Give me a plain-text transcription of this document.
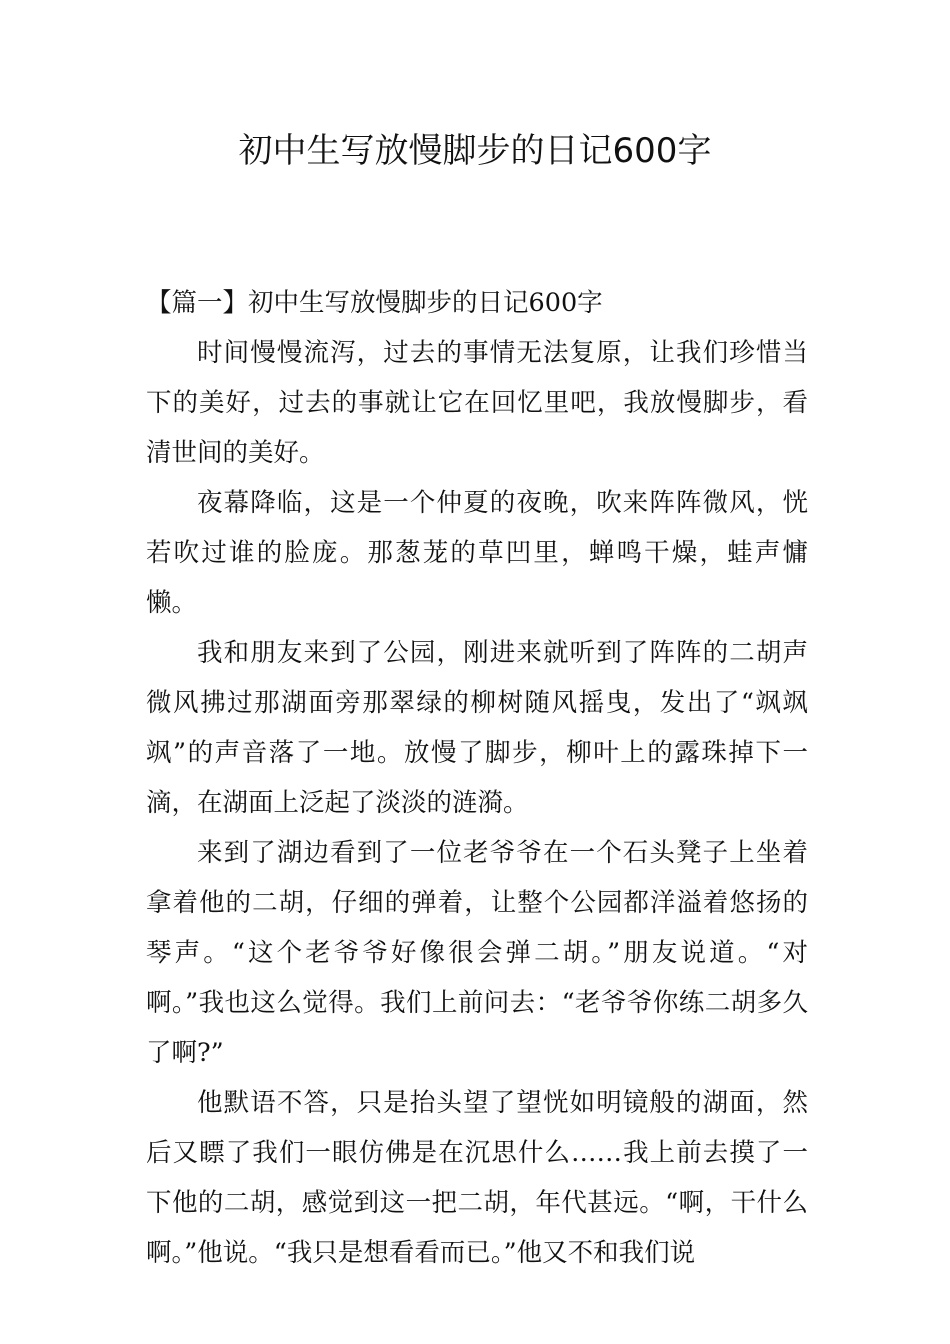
初中生写放慢脚步的日记600字

【篇一】初中生写放慢脚步的日记600字

时间慢慢流泻，过去的事情无法复原，让我们珍惜当下的美好，过去的事就让它在回忆里吧，我放慢脚步，看清世间的美好。

夜幕降临，这是一个仲夏的夜晚，吹来阵阵微风，恍若吹过谁的脸庞。那葱茏的草凹里，蝉鸣干燥，蛙声慵懒。

我和朋友来到了公园，刚进来就听到了阵阵的二胡声微风拂过那湖面旁那翠绿的柳树随风摇曳，发出了“飒飒飒”的声音落了一地。放慢了脚步，柳叶上的露珠掉下一滴，在湖面上泛起了淡淡的涟漪。

来到了湖边看到了一位老爷爷在一个石头凳子上坐着拿着他的二胡，仔细的弹着，让整个公园都洋溢着悠扬的琴声。“这个老爷爷好像很会弹二胡。”朋友说道。“对啊。”我也这么觉得。我们上前问去：“老爷爷你练二胡多久了啊?”

他默语不答，只是抬头望了望恍如明镜般的湖面，然后又瞟了我们一眼仿佛是在沉思什么……我上前去摸了一下他的二胡，感觉到这一把二胡，年代甚远。“啊，干什么啊。”他说。“我只是想看看而已。”他又不和我们说
